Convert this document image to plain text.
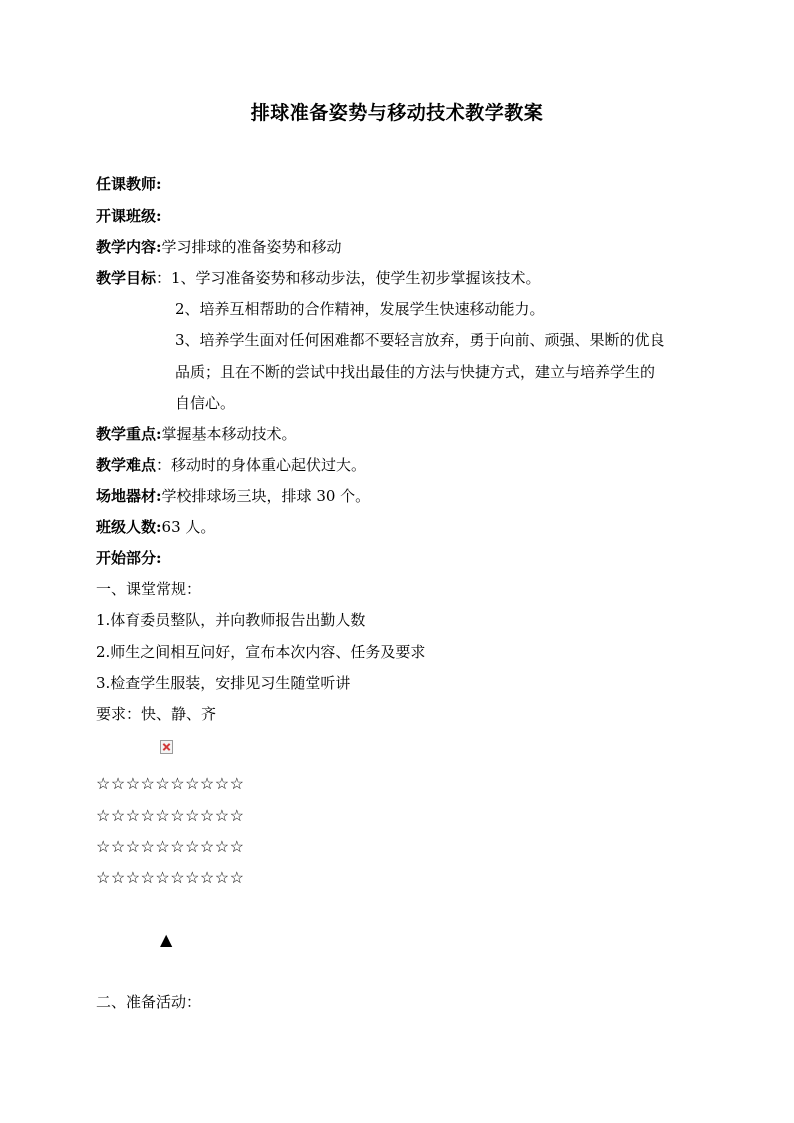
排球准备姿势与移动技术教学教案
任课教师:
开课班级:
教学内容:学习排球的准备姿势和移动
教学目标：1、学习准备姿势和移动步法，使学生初步掌握该技术。
2、培养互相帮助的合作精神，发展学生快速移动能力。
3、培养学生面对任何困难都不要轻言放弃，勇于向前、顽强、果断的优良
品质；且在不断的尝试中找出最佳的方法与快捷方式，建立与培养学生的
自信心。
教学重点:掌握基本移动技术。
教学难点：移动时的身体重心起伏过大。
场地器材:学校排球场三块，排球 30 个。
班级人数:63 人。
开始部分:
一、课堂常规：
1.体育委员整队，并向教师报告出勤人数
2.师生之间相互问好，宣布本次内容、任务及要求
3.检查学生服装，安排见习生随堂听讲
要求：快、静、齐
☆☆☆☆☆☆☆☆☆☆
☆☆☆☆☆☆☆☆☆☆
☆☆☆☆☆☆☆☆☆☆
☆☆☆☆☆☆☆☆☆☆
▲
二、准备活动：
